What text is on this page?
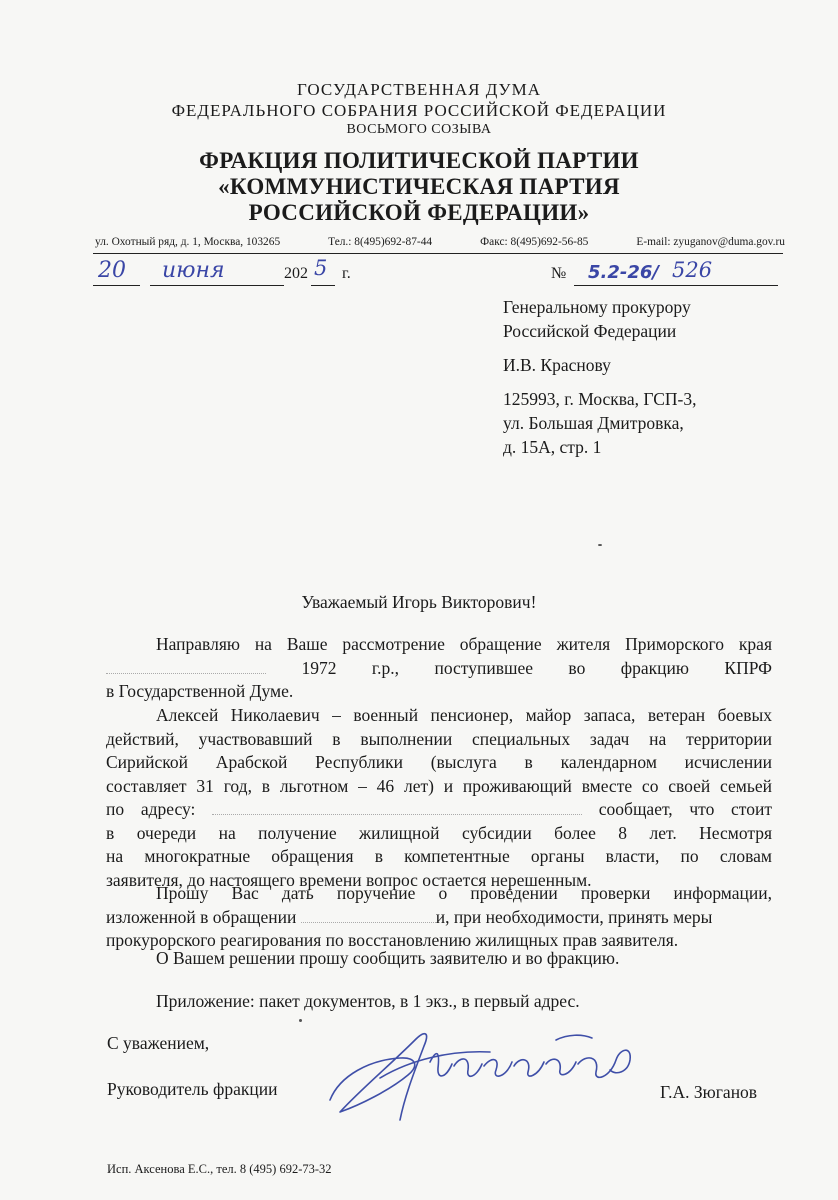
ГОСУДАРСТВЕННАЯ ДУМА
ФЕДЕРАЛЬНОГО СОБРАНИЯ РОССИЙСКОЙ ФЕДЕРАЦИИ
ВОСЬМОГО СОЗЫВА
ФРАКЦИЯ ПОЛИТИЧЕСКОЙ ПАРТИИ
«КОММУНИСТИЧЕСКАЯ ПАРТИЯ
РОССИЙСКОЙ ФЕДЕРАЦИИ»
ул. Охотный ряд, д. 1, Москва, 103265	Тел.: 8(495)692-87-44	Факс: 8(495)692-56-85	E-mail: zyuganov@duma.gov.ru
20 июня	202 5 г.	№ 5.2-26/ 526
Генеральному прокурору
Российской Федерации
И.В. Краснову
125993, г. Москва, ГСП-3,
ул. Большая Дмитровка,
д. 15А, стр. 1
Уважаемый Игорь Викторович!
Направляю на Ваше рассмотрение обращение жителя Приморского края
1972 г.р., поступившее во фракцию КПРФ
в Государственной Думе.
Алексей Николаевич – военный пенсионер, майор запаса, ветеран боевых
действий, участвовавший в выполнении специальных задач на территории
Сирийской Арабской Республики (выслуга в календарном исчислении
составляет 31 год, в льготном – 46 лет) и проживающий вместе со своей семьей
по адресу:	сообщает, что стоит
в очереди на получение жилищной субсидии более 8 лет. Несмотря
на многократные обращения в компетентные органы власти, по словам
заявителя, до настоящего времени вопрос остается нерешенным.
Прошу Вас дать поручение о проведении проверки информации,
изложенной в обращении	и, при необходимости, принять меры
прокурорского реагирования по восстановлению жилищных прав заявителя.
О Вашем решении прошу сообщить заявителю и во фракцию.
Приложение: пакет документов, в 1 экз., в первый адрес.
С уважением,
Руководитель фракции	Г.А. Зюганов
Исп. Аксенова Е.С., тел. 8 (495) 692-73-32
